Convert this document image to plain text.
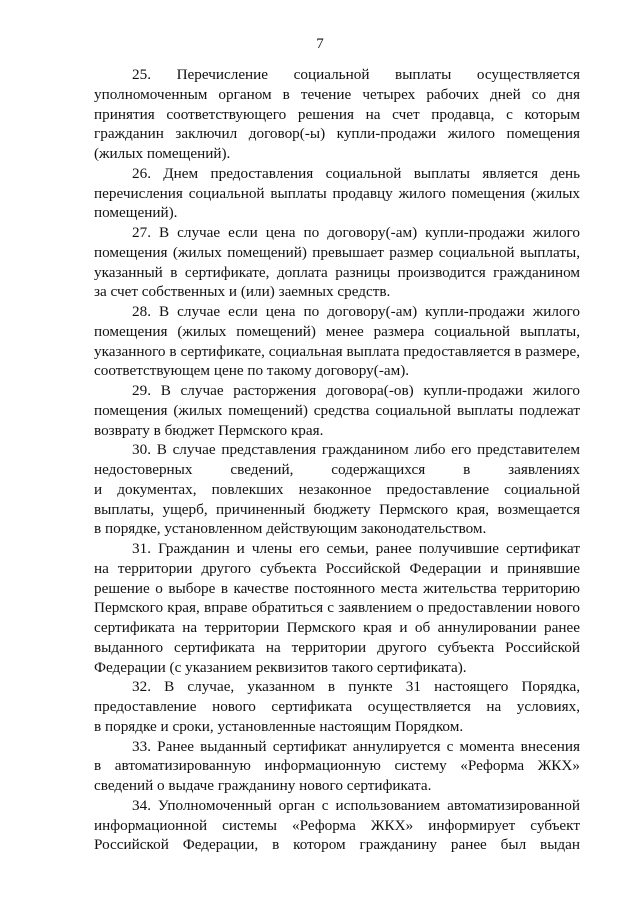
7
25. Перечисление социальной выплаты осуществляется
уполномоченным органом в течение четырех рабочих дней со дня
принятия соответствующего решения на счет продавца, с которым
гражданин заключил договор(-ы) купли-продажи жилого помещения
(жилых помещений).
26. Днем предоставления социальной выплаты является день
перечисления социальной выплаты продавцу жилого помещения (жилых
помещений).
27. В случае если цена по договору(-ам) купли-продажи жилого
помещения (жилых помещений) превышает размер социальной выплаты,
указанный в сертификате, доплата разницы производится гражданином
за счет собственных и (или) заемных средств.
28. В случае если цена по договору(-ам) купли-продажи жилого
помещения (жилых помещений) менее размера социальной выплаты,
указанного в сертификате, социальная выплата предоставляется в размере,
соответствующем цене по такому договору(-ам).
29. В случае расторжения договора(-ов) купли-продажи жилого
помещения (жилых помещений) средства социальной выплаты подлежат
возврату в бюджет Пермского края.
30. В случае представления гражданином либо его представителем
недостоверных сведений, содержащихся в заявлениях
и документах, повлекших незаконное предоставление социальной
выплаты, ущерб, причиненный бюджету Пермского края, возмещается
в порядке, установленном действующим законодательством.
31. Гражданин и члены его семьи, ранее получившие сертификат
на территории другого субъекта Российской Федерации и принявшие
решение о выборе в качестве постоянного места жительства территорию
Пермского края, вправе обратиться с заявлением о предоставлении нового
сертификата на территории Пермского края и об аннулировании ранее
выданного сертификата на территории другого субъекта Российской
Федерации (с указанием реквизитов такого сертификата).
32. В случае, указанном в пункте 31 настоящего Порядка,
предоставление нового сертификата осуществляется на условиях,
в порядке и сроки, установленные настоящим Порядком.
33. Ранее выданный сертификат аннулируется с момента внесения
в автоматизированную информационную систему «Реформа ЖКХ»
сведений о выдаче гражданину нового сертификата.
34. Уполномоченный орган с использованием автоматизированной
информационной системы «Реформа ЖКХ» информирует субъект
Российской Федерации, в котором гражданину ранее был выдан
